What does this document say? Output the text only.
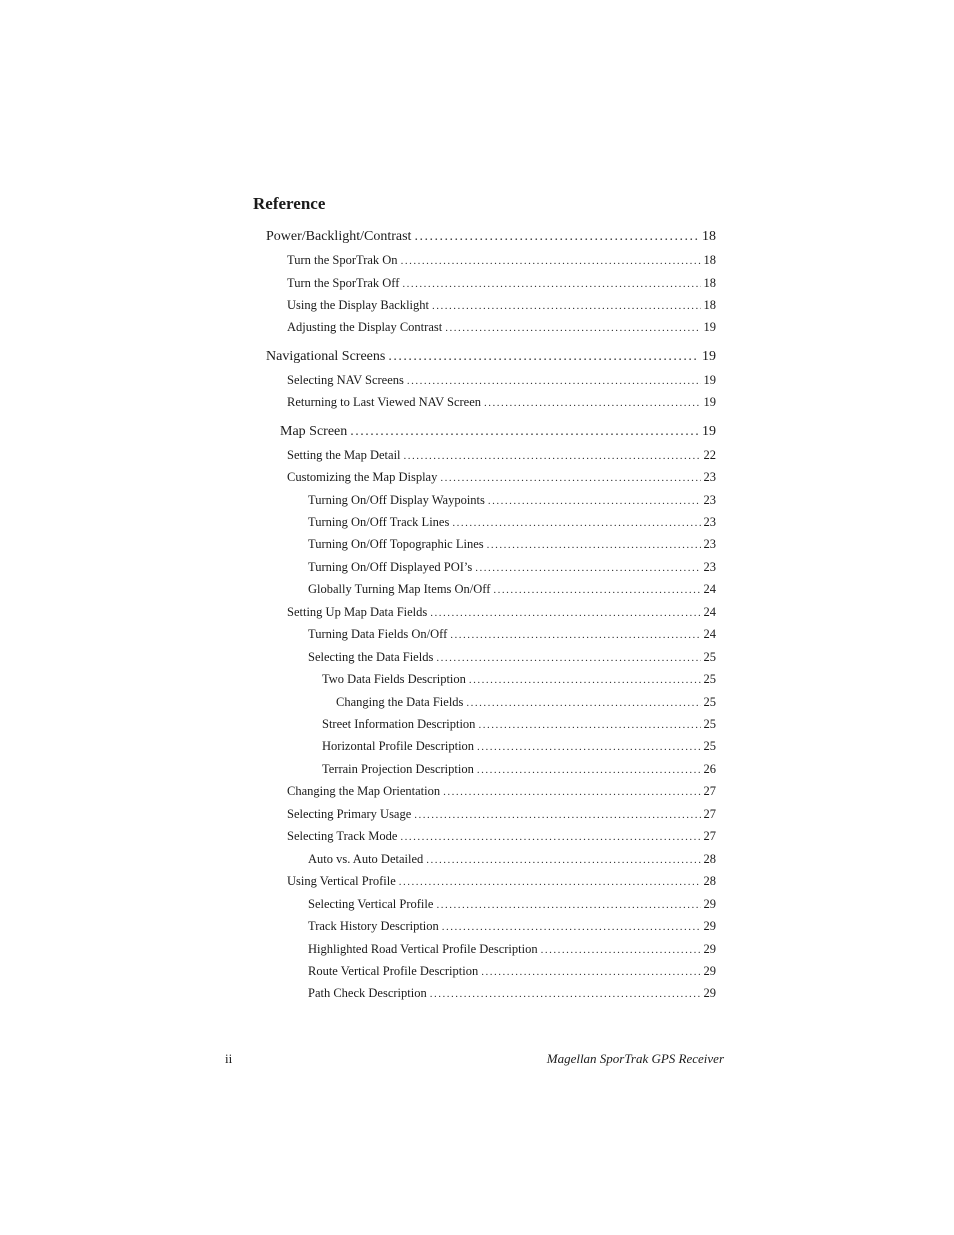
Reference
Power/Backlight/Contrast .....	18
Turn the SporTrak On .....	18
Turn the SporTrak Off .....	18
Using the Display Backlight .....	18
Adjusting the Display Contrast .....	19
Navigational Screens .....	19
Selecting NAV Screens .....	19
Returning to Last Viewed NAV Screen .....	19
Map Screen .....	19
Setting the Map Detail .....	22
Customizing the Map Display .....	23
Turning On/Off Display Waypoints .....	23
Turning On/Off Track Lines .....	23
Turning On/Off Topographic Lines .....	23
Turning On/Off Displayed POI’s .....	23
Globally Turning Map Items On/Off .....	24
Setting Up Map Data Fields .....	24
Turning Data Fields On/Off .....	24
Selecting the Data Fields .....	25
Two Data Fields Description .....	25
Changing the Data Fields .....	25
Street Information Description .....	25
Horizontal Profile Description .....	25
Terrain Projection Description .....	26
Changing the Map Orientation .....	27
Selecting Primary Usage .....	27
Selecting Track Mode .....	27
Auto vs. Auto Detailed .....	28
Using Vertical Profile .....	28
Selecting Vertical Profile .....	29
Track History Description .....	29
Highlighted Road Vertical Profile Description .....	29
Route Vertical Profile Description .....	29
Path Check Description .....	29
ii	Magellan SporTrak GPS Receiver
